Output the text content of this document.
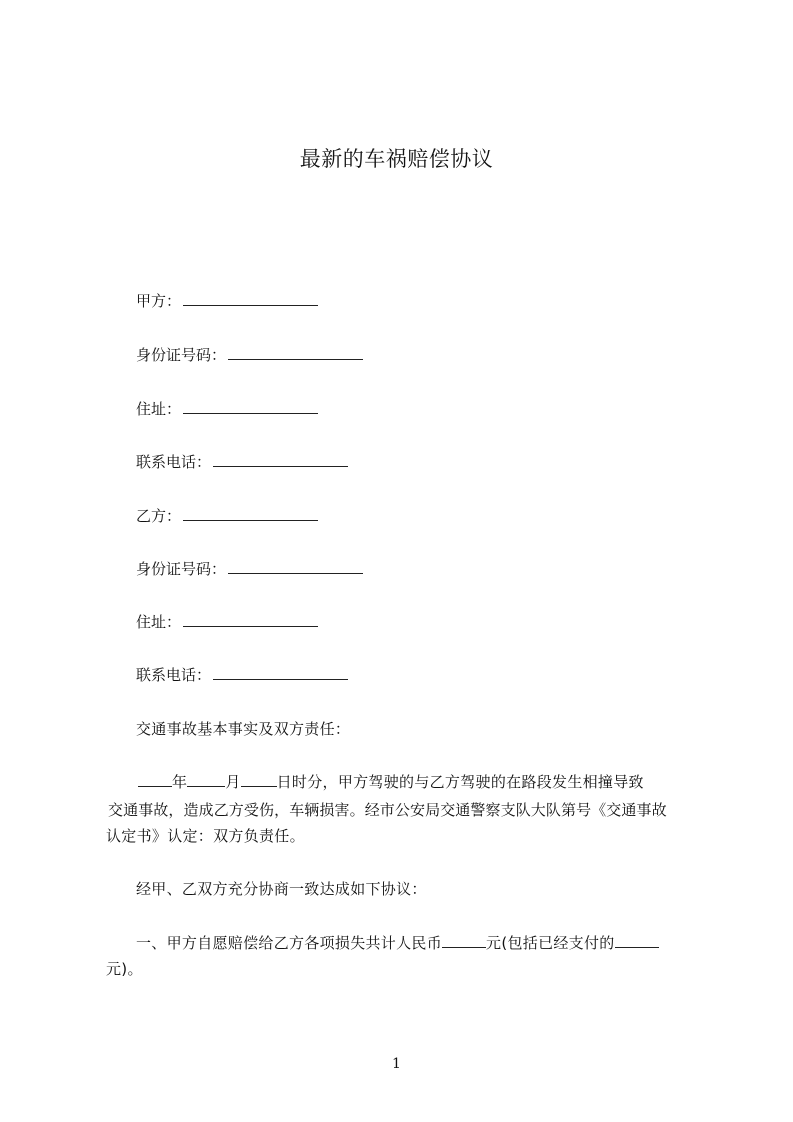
最新的车祸赔偿协议
甲方：
身份证号码：
住址：
联系电话：
乙方：
身份证号码：
住址：
联系电话：
交通事故基本事实及双方责任：
年	月 日时分，甲方驾驶的与乙方驾驶的在路段发生相撞导致
交通事故，造成乙方受伤，车辆损害。经市公安局交通警察支队大队第号《交通事故
认定书》认定：双方负责任。
经甲、乙双方充分协商一致达成如下协议：
一、甲方自愿赔偿给乙方各项损失共计人民币	元(包括已经支付的
元)。
1
